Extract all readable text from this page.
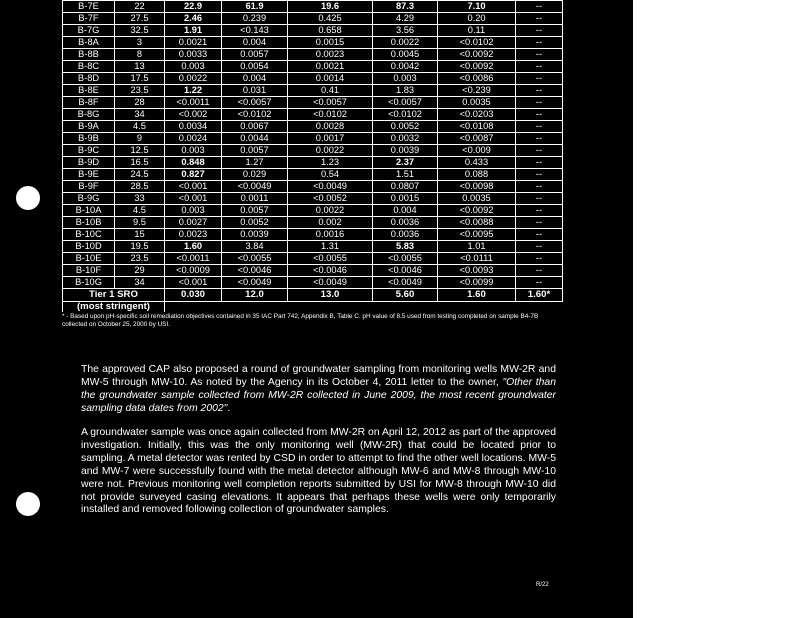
B-7E	22	22.9	61.9	19.6	87.3	7.10	--
B-7F	27.5	2.46	0.239	0.425	4.29	0.20	--
B-7G	32.5	1.91	<0.143	0.658	3.56	0.11	--
B-8A	3	0.0021	0.004	0.0015	0.0022	<0.0102	--
B-8B	8	0.0033	0.0057	0.0023	0.0045	<0.0092	--
B-8C	13	0.003	0.0054	0.0021	0.0042	<0.0092	--
B-8D	17.5	0.0022	0.004	0.0014	0.003	<0.0086	--
B-8E	23.5	1.22	0.031	0.41	1.83	<0.239	--
B-8F	28	<0.0011	<0.0057	<0.0057	<0.0057	0.0035	--
B-8G	34	<0.002	<0.0102	<0.0102	<0.0102	<0.0203	--
B-9A	4.5	0.0034	0.0067	0.0028	0.0052	<0.0108	--
B-9B	9	0.0024	0.0044	0.0017	0.0032	<0.0087	--
B-9C	12.5	0.003	0.0057	0.0022	0.0039	<0.009	--
B-9D	16.5	0.848	1.27	1.23	2.37	0.433	--
B-9E	24.5	0.827	0.029	0.54	1.51	0.088	--
B-9F	28.5	<0.001	<0.0049	<0.0049	0.0807	<0.0098	--
B-9G	33	<0.001	0.0011	<0.0052	0.0015	0.0035	--
B-10A	4.5	0.003	0.0057	0.0022	0.004	<0.0092	--
B-10B	9.5	0.0027	0.0052	0.002	0.0036	<0.0088	--
B-10C	15	0.0023	0.0039	0.0016	0.0036	<0.0095	--
B-10D	19.5	1.60	3.84	1.31	5.83	1.01	--
B-10E	23.5	<0.0011	<0.0055	<0.0055	<0.0055	<0.0111	--
B-10F	29	<0.0009	<0.0046	<0.0046	<0.0046	<0.0093	--
B-10G	34	<0.001	<0.0049	<0.0049	<0.0049	<0.0099	--
Tier 1 SRO		0.030	12.0	13.0	5.60	1.60	1.60*
(most stringent)							
* - Based upon pH-specific soil remediation objectives contained in 35 IAC Part 742, Appendix B, Table C. pH value of 8.5 used from testing completed on sample B4-7B collected on October 25, 2000 by USI.

The approved CAP also proposed a round of groundwater sampling from monitoring wells MW-2R and MW-5 through MW-10. As noted by the Agency in its October 4, 2011 letter to the owner, "Other than the groundwater sample collected from MW-2R collected in June 2009, the most recent groundwater sampling data dates from 2002".

A groundwater sample was once again collected from MW-2R on April 12, 2012 as part of the approved investigation. Initially, this was the only monitoring well (MW-2R) that could be located prior to sampling. A metal detector was rented by CSD in order to attempt to find the other well locations. MW-5 and MW-7 were successfully found with the metal detector although MW-6 and MW-8 through MW-10 were not. Previous monitoring well completion reports submitted by USI for MW-8 through MW-10 did not provide surveyed casing elevations. It appears that perhaps these wells were only temporarily installed and removed following collection of groundwater samples.

R/22
